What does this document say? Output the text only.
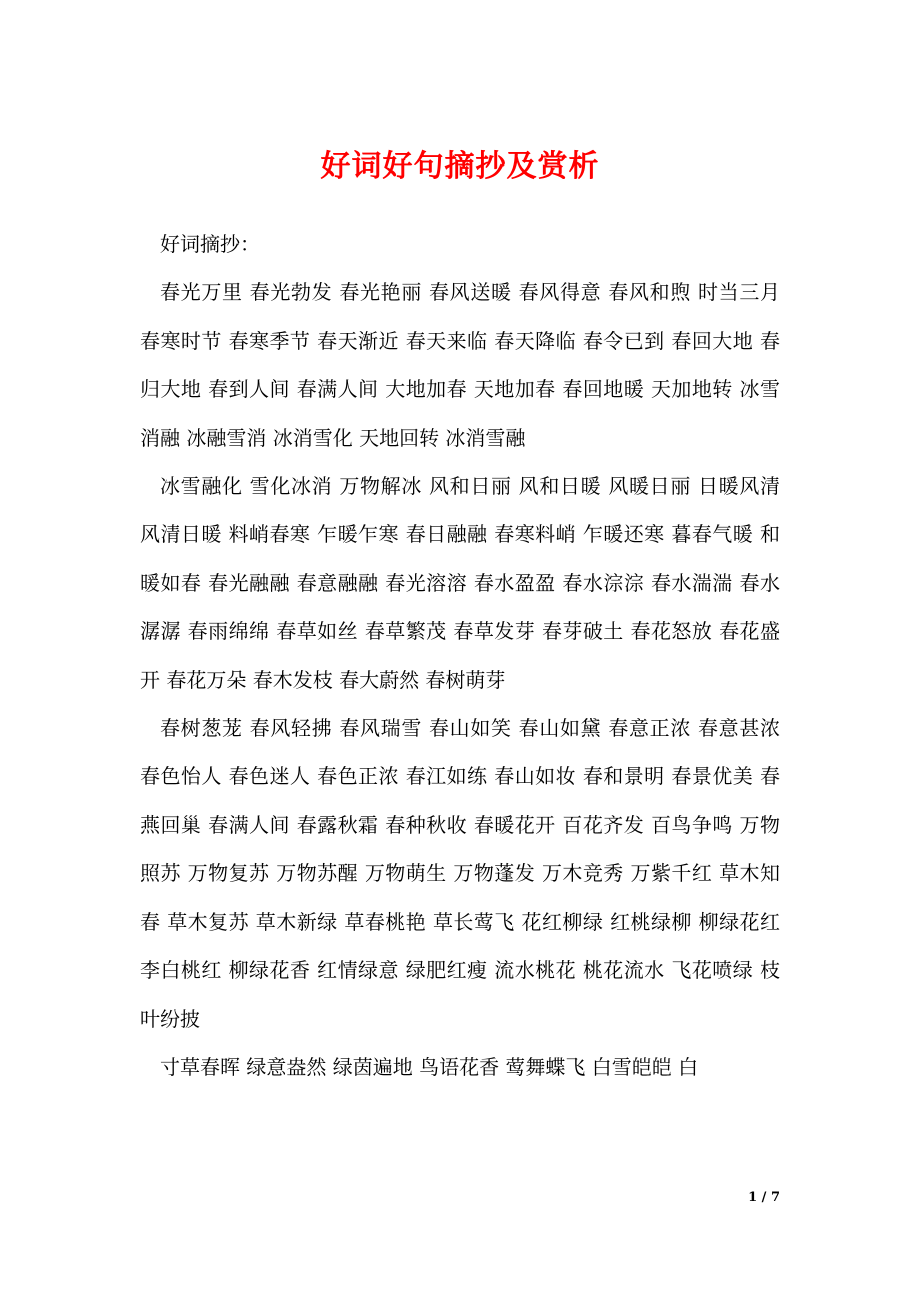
好词好句摘抄及赏析

好词摘抄：

春光万里 春光勃发 春光艳丽 春风送暖 春风得意 春风和煦 时当三月 春寒时节 春寒季节 春天渐近 春天来临 春天降临 春令已到 春回大地 春归大地 春到人间 春满人间 大地加春 天地加春 春回地暖 天加地转 冰雪消融 冰融雪消 冰消雪化 天地回转 冰消雪融

冰雪融化 雪化冰消 万物解冰 风和日丽 风和日暖 风暖日丽 日暖风清 风清日暖 料峭春寒 乍暖乍寒 春日融融 春寒料峭 乍暖还寒 暮春气暖 和暖如春 春光融融 春意融融 春光溶溶 春水盈盈 春水淙淙 春水湍湍 春水潺潺 春雨绵绵 春草如丝 春草繁茂 春草发芽 春芽破土 春花怒放 春花盛开 春花万朵 春木发枝 春大蔚然 春树萌芽

春树葱茏 春风轻拂 春风瑞雪 春山如笑 春山如黛 春意正浓 春意甚浓 春色怡人 春色迷人 春色正浓 春江如练 春山如妆 春和景明 春景优美 春燕回巢 春满人间 春露秋霜 春种秋收 春暖花开 百花齐发 百鸟争鸣 万物照苏 万物复苏 万物苏醒 万物萌生 万物蓬发 万木竞秀 万紫千红 草木知春 草木复苏 草木新绿 草春桃艳 草长莺飞 花红柳绿 红桃绿柳 柳绿花红 李白桃红 柳绿花香 红情绿意 绿肥红瘦 流水桃花 桃花流水 飞花喷绿 枝叶纷披

寸草春晖 绿意盎然 绿茵遍地 鸟语花香 莺舞蝶飞 白雪皑皑 白

1 / 7
